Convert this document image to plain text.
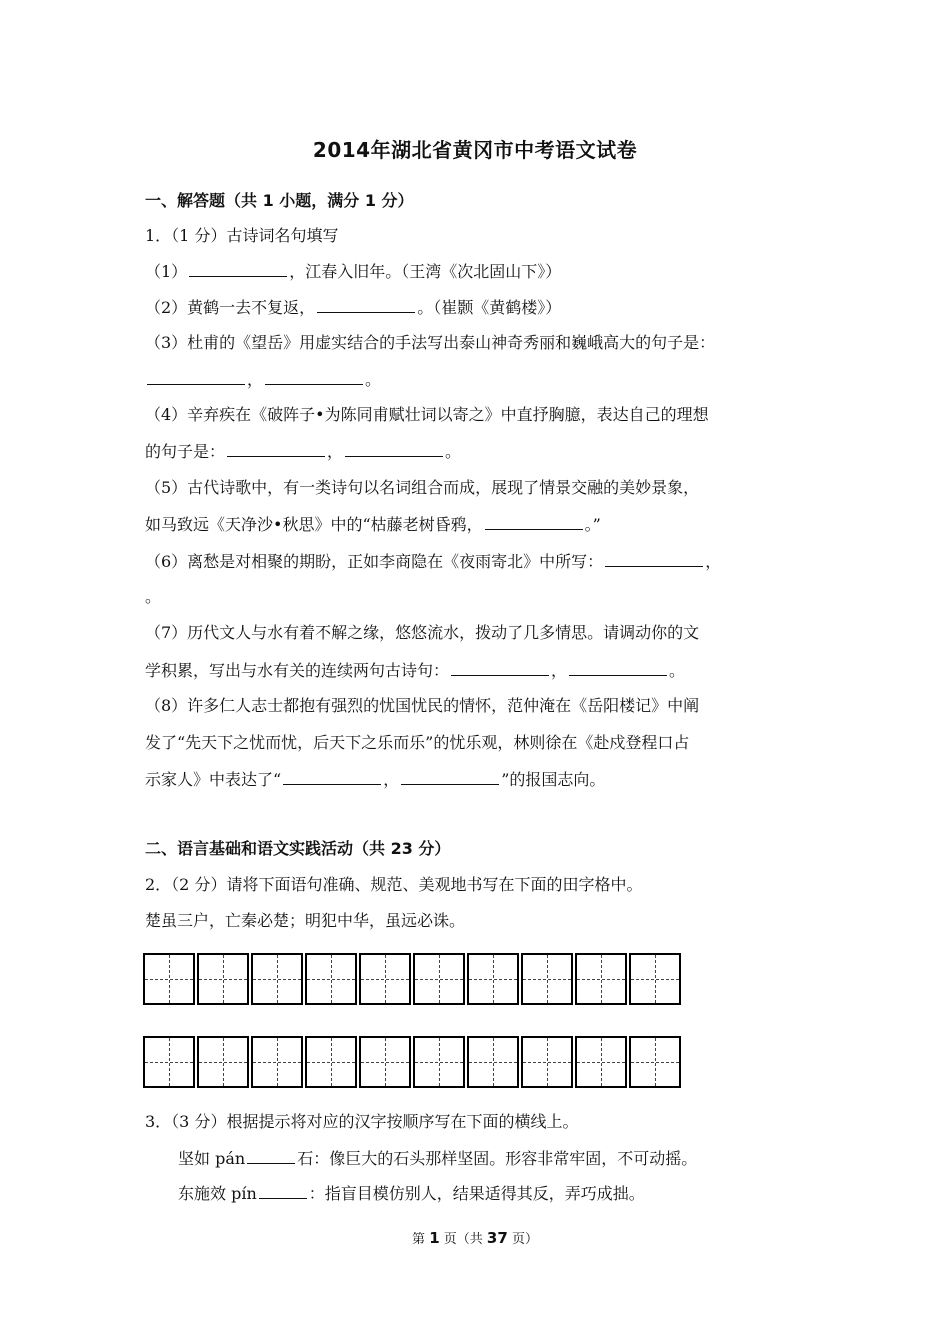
2014年湖北省黄冈市中考语文试卷
一、解答题（共 1 小题，满分 1 分）
1．（1 分）古诗词名句填写
（1）	，江春入旧年。（王湾《次北固山下》）
（2）黄鹤一去不复返，	。（崔颢《黄鹤楼》）
（3）杜甫的《望岳》用虚实结合的手法写出泰山神奇秀丽和巍峨高大的句子是：
，	。
（4）辛弃疾在《破阵子•为陈同甫赋壮词以寄之》中直抒胸臆，表达自己的理想
的句子是：	，	。
（5）古代诗歌中，有一类诗句以名词组合而成，展现了情景交融的美妙景象，
如马致远《天净沙•秋思》中的“枯藤老树昏鸦，	。”
（6）离愁是对相聚的期盼，正如李商隐在《夜雨寄北》中所写：	，
。
（7）历代文人与水有着不解之缘，悠悠流水，拨动了几多情思。请调动你的文
学积累，写出与水有关的连续两句古诗句：	，	。
（8）许多仁人志士都抱有强烈的忧国忧民的情怀，范仲淹在《岳阳楼记》中阐
发了“先天下之忧而忧，后天下之乐而乐”的忧乐观，林则徐在《赴戍登程口占
示家人》中表达了“	，	”的报国志向。
二、语言基础和语文实践活动（共 23 分）
2．（2 分）请将下面语句准确、规范、美观地书写在下面的田字格中。
楚虽三户，亡秦必楚；明犯中华，虽远必诛。
3．（3 分）根据提示将对应的汉字按顺序写在下面的横线上。
坚如 pán	石：像巨大的石头那样坚固。形容非常牢固，不可动摇。
东施效 pín	：指盲目模仿别人，结果适得其反，弄巧成拙。
第 1 页（共 37 页）
